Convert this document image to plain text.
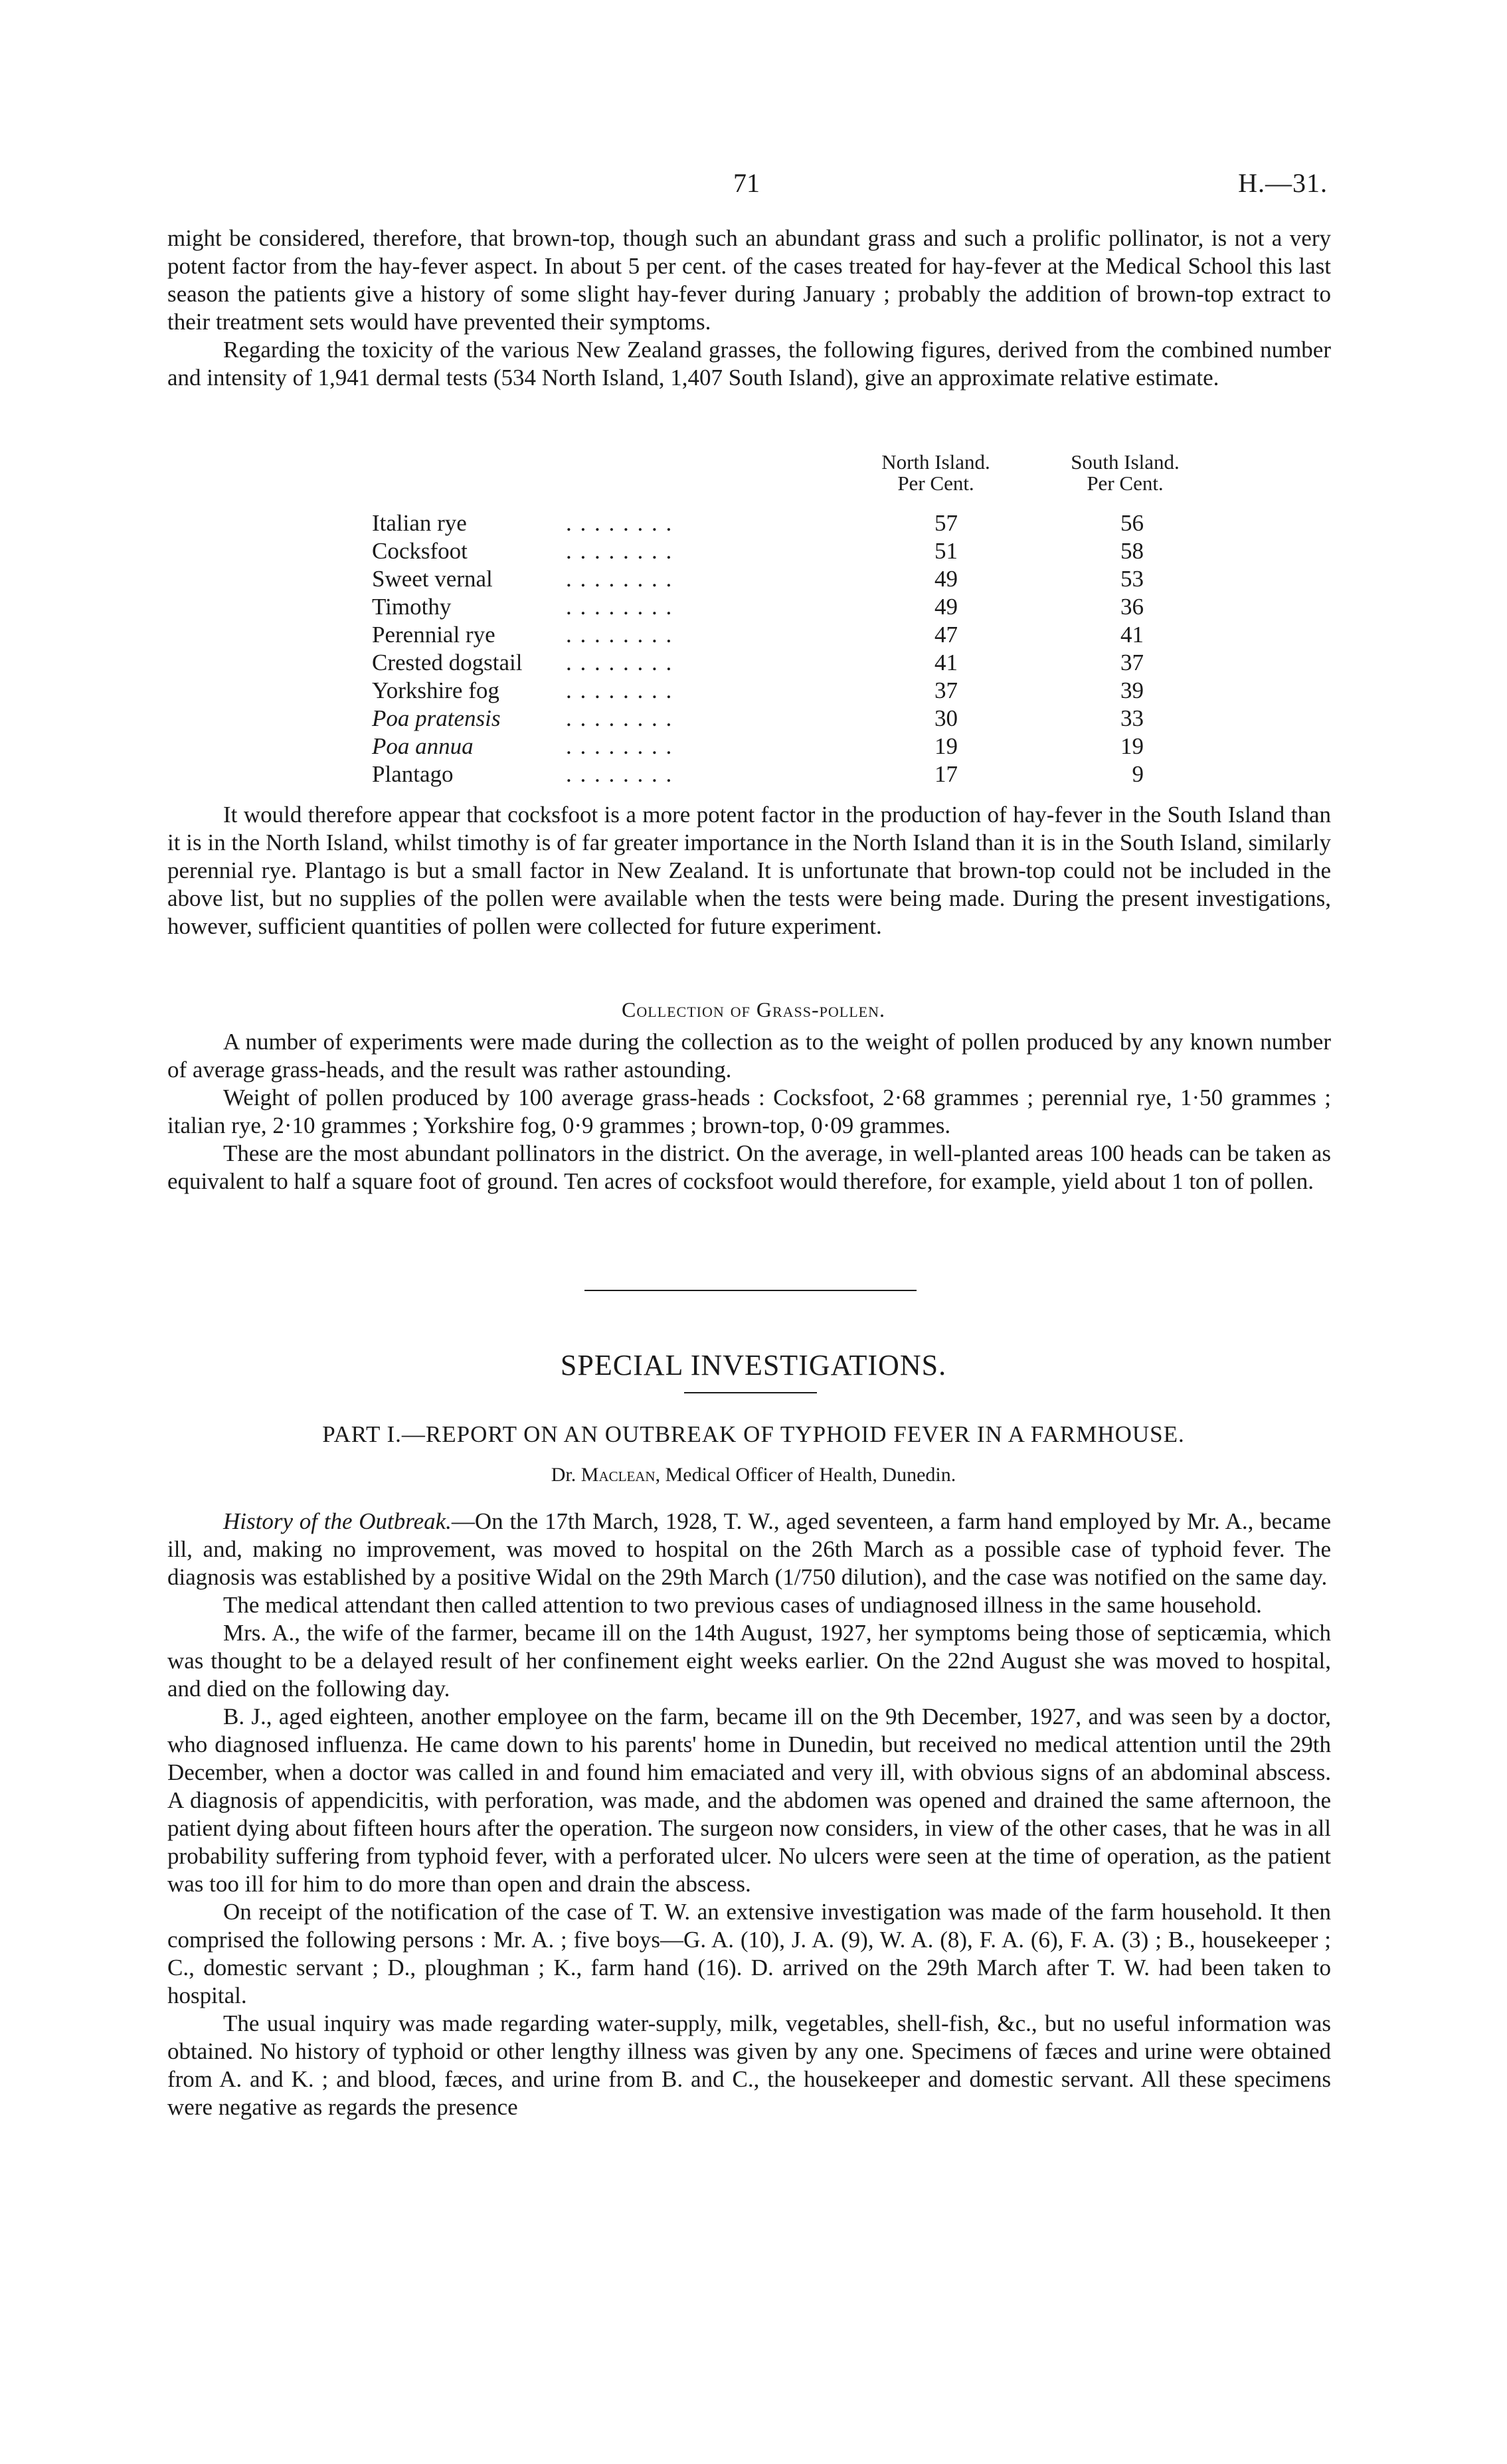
71	H.—31.

might be considered, therefore, that brown-top, though such an abundant grass and such a prolific pollinator, is not a very potent factor from the hay-fever aspect. In about 5 per cent. of the cases treated for hay-fever at the Medical School this last season the patients give a history of some slight hay-fever during January ; probably the addition of brown-top extract to their treatment sets would have prevented their symptoms.

Regarding the toxicity of the various New Zealand grasses, the following figures, derived from the combined number and intensity of 1,941 dermal tests (534 North Island, 1,407 South Island), give an approximate relative estimate.

North Island.
Per Cent.
South Island.
Per Cent.
Italian rye	. . . . . . . .	57	56
Cocksfoot	. . . . . . . .	51	58
Sweet vernal	. . . . . . . .	49	53
Timothy	. . . . . . . .	49	36
Perennial rye	. . . . . . . .	47	41
Crested dogstail . . . . . . . .	41	37
Yorkshire fog	. . . . . . . .	37	39
Poa pratensis	. . . . . . . .	30	33
Poa annua	. . . . . . . .	19	19
Plantago	. . . . . . . .	17	9

It would therefore appear that cocksfoot is a more potent factor in the production of hay-fever in the South Island than it is in the North Island, whilst timothy is of far greater importance in the North Island than it is in the South Island, similarly perennial rye. Plantago is but a small factor in New Zealand. It is unfortunate that brown-top could not be included in the above list, but no supplies of the pollen were available when the tests were being made. During the present investigations, however, sufficient quantities of pollen were collected for future experiment.

Collection of Grass-pollen.

A number of experiments were made during the collection as to the weight of pollen produced by any known number of average grass-heads, and the result was rather astounding.

Weight of pollen produced by 100 average grass-heads : Cocksfoot, 2·68 grammes ; perennial rye, 1·50 grammes ; italian rye, 2·10 grammes ; Yorkshire fog, 0·9 grammes ; brown-top, 0·09 grammes.

These are the most abundant pollinators in the district. On the average, in well-planted areas 100 heads can be taken as equivalent to half a square foot of ground. Ten acres of cocksfoot would therefore, for example, yield about 1 ton of pollen.

SPECIAL INVESTIGATIONS.
PART I.—REPORT ON AN OUTBREAK OF TYPHOID FEVER IN A FARMHOUSE.
Dr. Maclean, Medical Officer of Health, Dunedin.

History of the Outbreak.—On the 17th March, 1928, T. W., aged seventeen, a farm hand employed by Mr. A., became ill, and, making no improvement, was moved to hospital on the 26th March as a possible case of typhoid fever. The diagnosis was established by a positive Widal on the 29th March (1/750 dilution), and the case was notified on the same day.

The medical attendant then called attention to two previous cases of undiagnosed illness in the same household.

Mrs. A., the wife of the farmer, became ill on the 14th August, 1927, her symptoms being those of septicæmia, which was thought to be a delayed result of her confinement eight weeks earlier. On the 22nd August she was moved to hospital, and died on the following day.

B. J., aged eighteen, another employee on the farm, became ill on the 9th December, 1927, and was seen by a doctor, who diagnosed influenza. He came down to his parents' home in Dunedin, but received no medical attention until the 29th December, when a doctor was called in and found him emaciated and very ill, with obvious signs of an abdominal abscess. A diagnosis of appendicitis, with perforation, was made, and the abdomen was opened and drained the same afternoon, the patient dying about fifteen hours after the operation. The surgeon now considers, in view of the other cases, that he was in all probability suffering from typhoid fever, with a perforated ulcer. No ulcers were seen at the time of operation, as the patient was too ill for him to do more than open and drain the abscess.

On receipt of the notification of the case of T. W. an extensive investigation was made of the farm household. It then comprised the following persons : Mr. A. ; five boys—G. A. (10), J. A. (9), W. A. (8), F. A. (6), F. A. (3) ; B., housekeeper ; C., domestic servant ; D., ploughman ; K., farm hand (16). D. arrived on the 29th March after T. W. had been taken to hospital.

The usual inquiry was made regarding water-supply, milk, vegetables, shell-fish, &c., but no useful information was obtained. No history of typhoid or other lengthy illness was given by any one. Specimens of fæces and urine were obtained from A. and K. ; and blood, fæces, and urine from B. and C., the housekeeper and domestic servant. All these specimens were negative as regards the presence
